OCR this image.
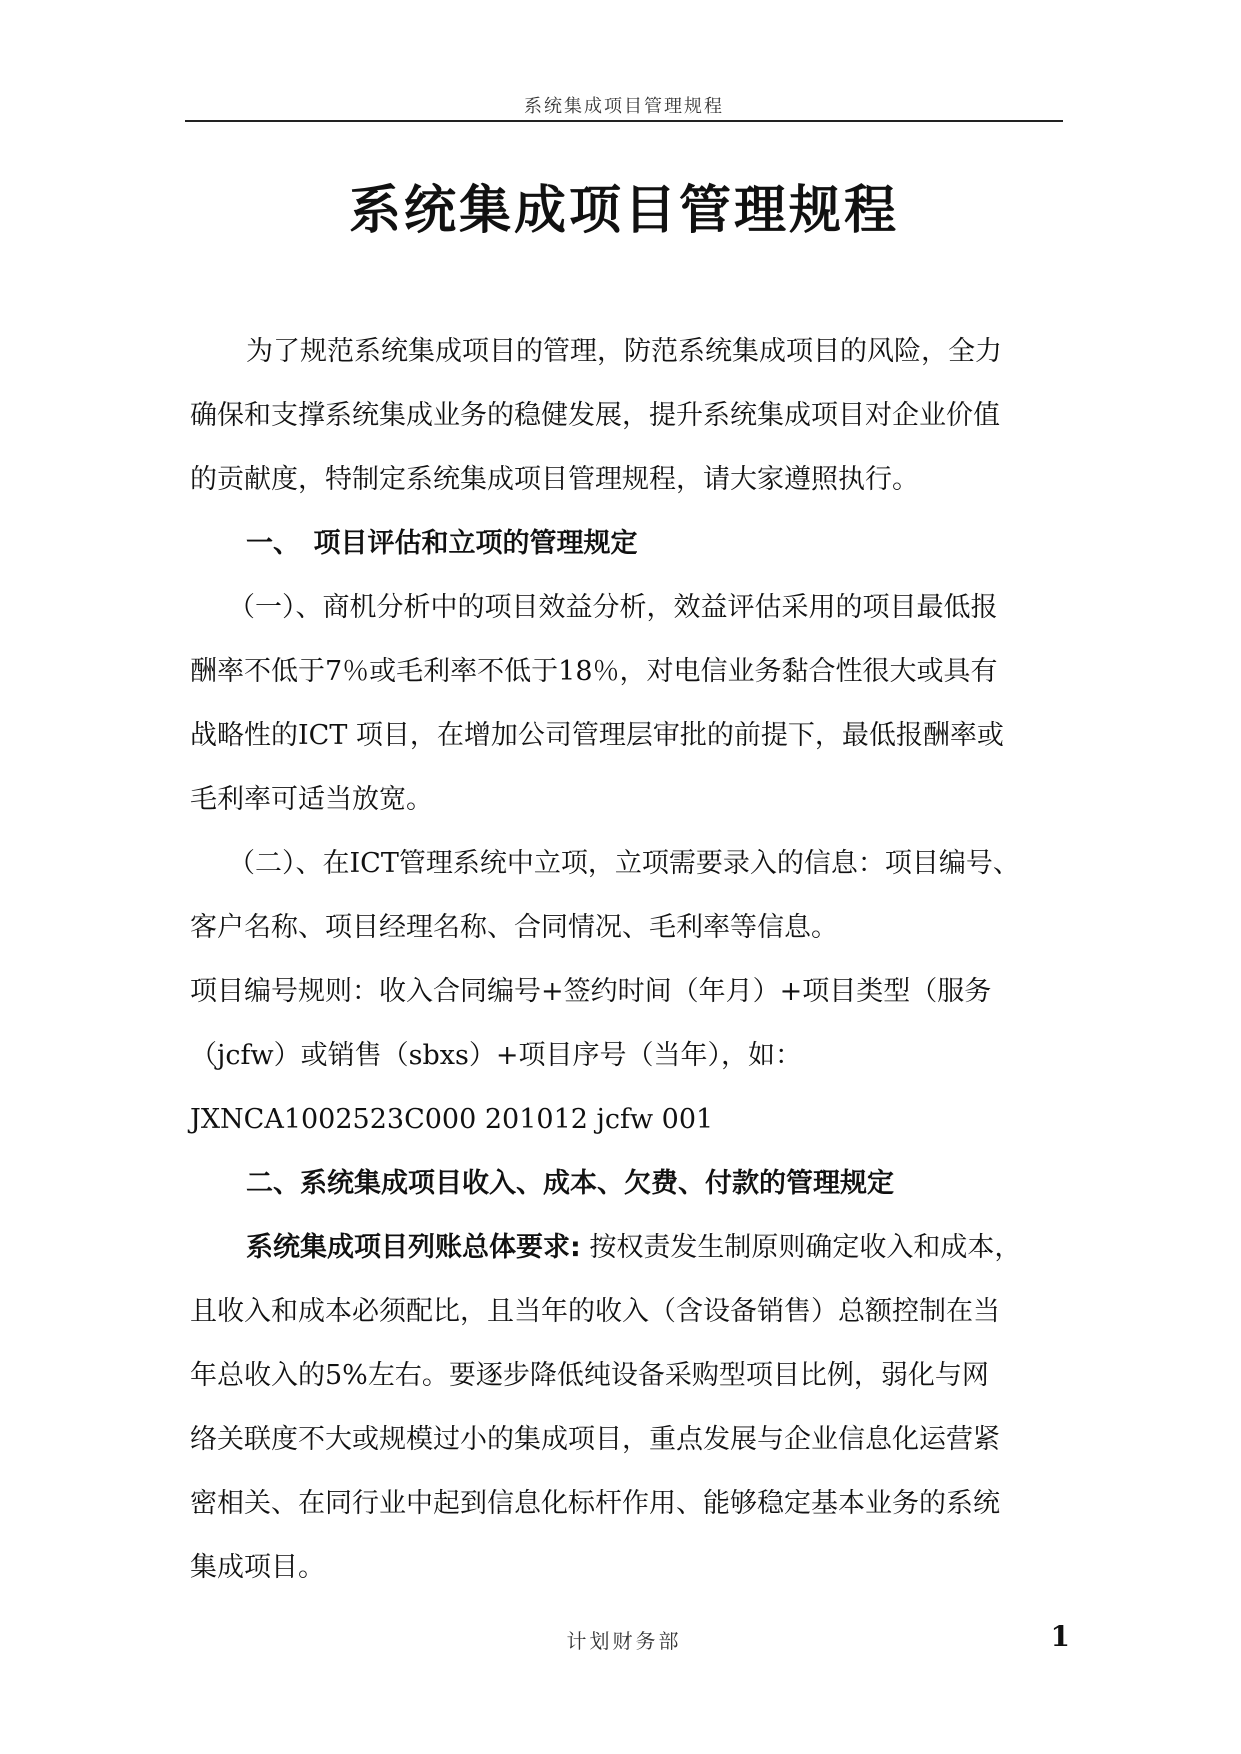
系统集成项目管理规程
系统集成项目管理规程

为了规范系统集成项目的管理，防范系统集成项目的风险，全力

确保和支撑系统集成业务的稳健发展，提升系统集成项目对企业价值

的贡献度，特制定系统集成项目管理规程，请大家遵照执行。

一、　项目评估和立项的管理规定

（一）、商机分析中的项目效益分析，效益评估采用的项目最低报

酬率不低于7％或毛利率不低于18％，对电信业务黏合性很大或具有

战略性的ICT 项目，在增加公司管理层审批的前提下，最低报酬率或

毛利率可适当放宽。

（二）、在ICT管理系统中立项，立项需要录入的信息：项目编号、

客户名称、项目经理名称、合同情况、毛利率等信息。

项目编号规则：收入合同编号+签约时间（年月）+项目类型（服务

（jcfw）或销售（sbxs）+项目序号（当年），如：

JXNCA1002523C000 201012 jcfw 001

二、系统集成项目收入、成本、欠费、付款的管理规定

系统集成项目列账总体要求: 按权责发生制原则确定收入和成本，

且收入和成本必须配比，且当年的收入（含设备销售）总额控制在当

年总收入的5%左右。要逐步降低纯设备采购型项目比例，弱化与网

络关联度不大或规模过小的集成项目，重点发展与企业信息化运营紧

密相关、在同行业中起到信息化标杆作用、能够稳定基本业务的系统

集成项目。

计划财务部	1
